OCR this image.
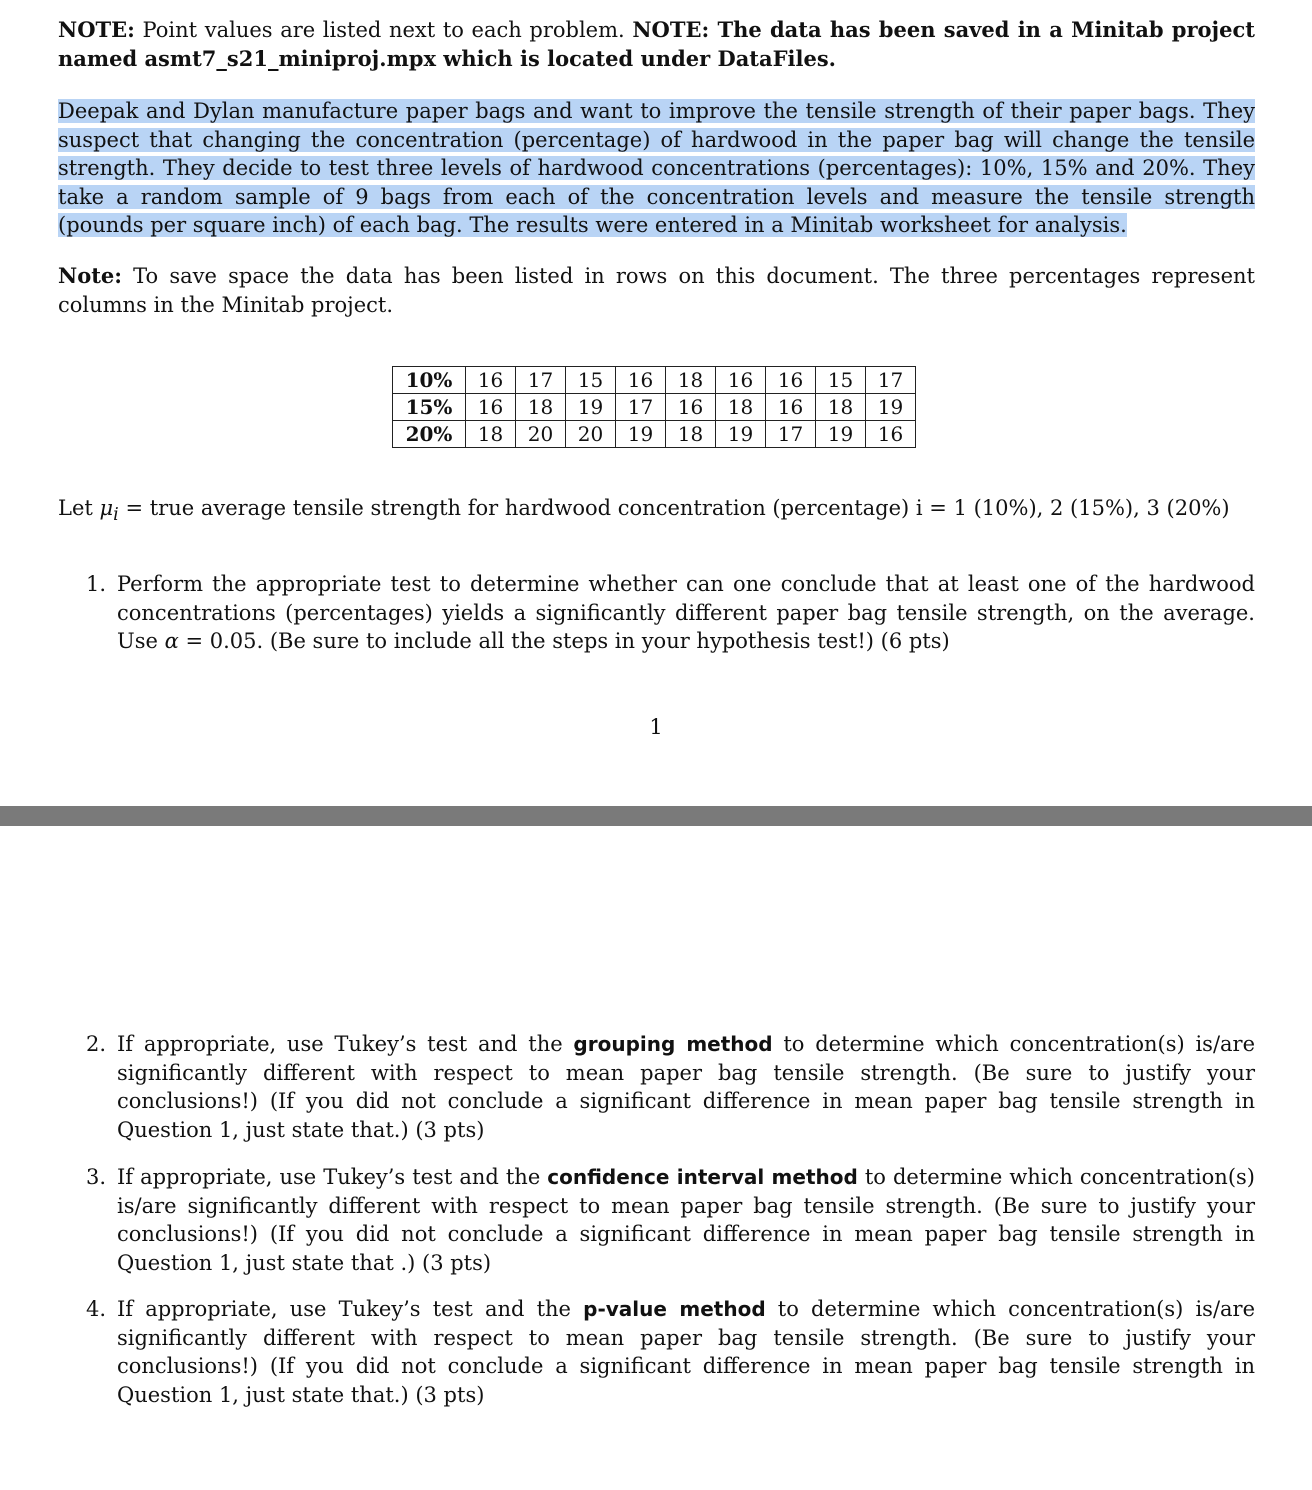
NOTE: Point values are listed next to each problem. NOTE: The data has been saved in a Minitab project named asmt7_s21_miniproj.mpx which is located under DataFiles.
Deepak and Dylan manufacture paper bags and want to improve the tensile strength of their paper bags. They suspect that changing the concentration (percentage) of hardwood in the paper bag will change the tensile strength. They decide to test three levels of hardwood concentrations (percentages): 10%, 15% and 20%. They take a random sample of 9 bags from each of the concentration levels and measure the tensile strength (pounds per square inch) of each bag. The results were entered in a Minitab worksheet for analysis.
Note: To save space the data has been listed in rows on this document. The three percentages represent columns in the Minitab project.
10%	16	17	15	16	18	16	16	15	17
15%	16	18	19	17	16	18	16	18	19
20%	18	20	20	19	18	19	17	19	16
Let $\mu_i$ = true average tensile strength for hardwood concentration (percentage) i = 1 (10%), 2 (15%), 3 (20%)
1
1. Perform the appropriate test to determine whether can one conclude that at least one of the hardwood concentrations (percentages) yields a significantly different paper bag tensile strength, on the average. Use α = 0.05. (Be sure to include all the steps in your hypothesis test!) (6 pts)
2. If appropriate, use Tukey’s test and the grouping method to determine which concentration(s) is/are significantly different with respect to mean paper bag tensile strength. (Be sure to justify your conclusions!) (If you did not conclude a significant difference in mean paper bag tensile strength in Question 1, just state that.) (3 pts)
3. If appropriate, use Tukey’s test and the confidence interval method to determine which concentration(s) is/are significantly different with respect to mean paper bag tensile strength. (Be sure to justify your conclusions!) (If you did not conclude a significant difference in mean paper bag tensile strength in Question 1, just state that .) (3 pts)
4. If appropriate, use Tukey’s test and the p-value method to determine which concentration(s) is/are significantly different with respect to mean paper bag tensile strength. (Be sure to justify your conclusions!) (If you did not conclude a significant difference in mean paper bag tensile strength in Question 1, just state that.) (3 pts)
